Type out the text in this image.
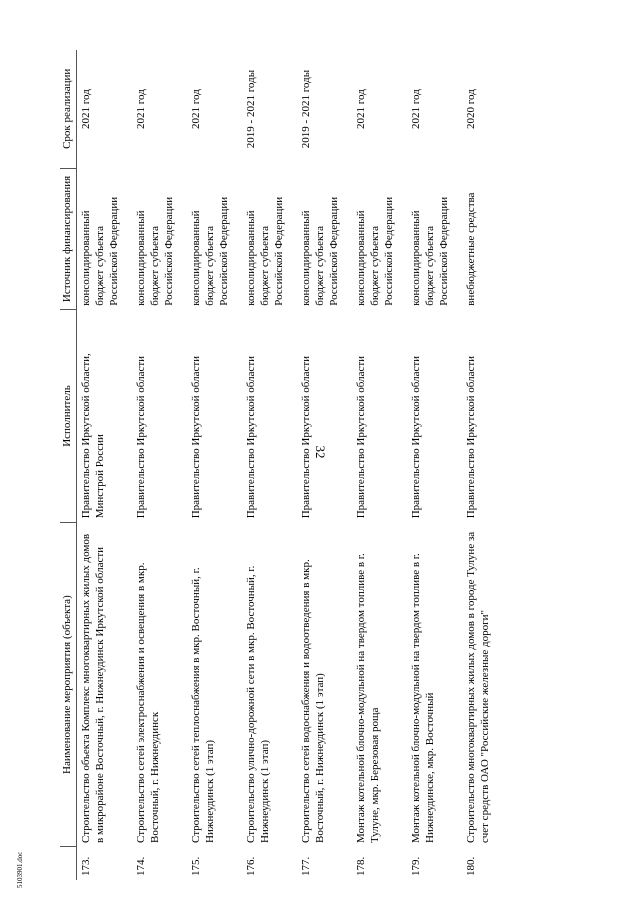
32
5103901.doc
	Наименование мероприятия (объекта)	Исполнитель	Источник финансирования	Срок реализации
173.	Строительство объекта Комплекс многоквартирных жилых домов в микрорайоне Восточный, г. Нижнеудинск Иркутской области	Правительство Иркутской области, Минстрой России	консолидированный
бюджет субъекта
Российской Федерации	2021 год
174.	Строительство сетей электроснабжения и освещения в мкр. Восточный, г. Нижнеудинск	Правительство Иркутской области	консолидированный
бюджет субъекта
Российской Федерации	2021 год
175.	Строительство сетей теплоснабжения в мкр. Восточный, г. Нижнеудинск (1 этап)	Правительство Иркутской области	консолидированный
бюджет субъекта
Российской Федерации	2021 год
176.	Строительство улично-дорожной сети в мкр. Восточный, г. Нижнеудинск (1 этап)	Правительство Иркутской области	консолидированный
бюджет субъекта
Российской Федерации	2019 - 2021 годы
177.	Строительство сетей водоснабжения и водоотведения в мкр. Восточный, г. Нижнеудинск (1 этап)	Правительство Иркутской области	консолидированный
бюджет субъекта
Российской Федерации	2019 - 2021 годы
178.	Монтаж котельной блочно-модульной на твердом топливе в г. Тулуне, мкр. Березовая роща	Правительство Иркутской области	консолидированный
бюджет субъекта
Российской Федерации	2021 год
179.	Монтаж котельной блочно-модульной на твердом топливе в г. Нижнеудинске, мкр. Восточный	Правительство Иркутской области	консолидированный
бюджет субъекта
Российской Федерации	2021 год
180.	Строительство многоквартирных жилых домов в городе Тулуне за счет средств ОАО "Российские железные дороги"	Правительство Иркутской области	внебюджетные средства	2020 год
